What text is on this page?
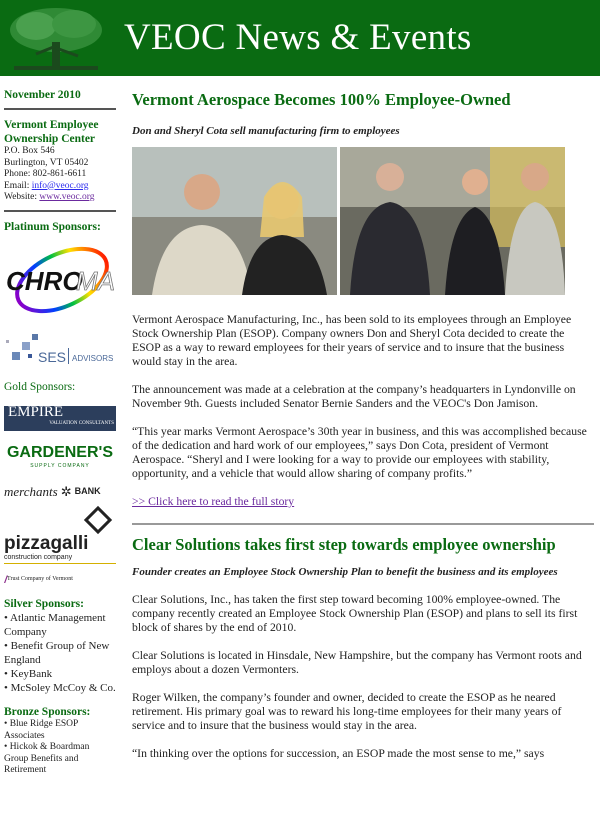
VEOC News & Events
November 2010
Vermont Employee Ownership Center
P.O. Box 546
Burlington, VT 05402
Phone: 802-861-6611
Email: info@veoc.org
Website: www.veoc.org
Platinum Sponsors:
CHRO
MA
SES ADVISORS
Gold Sponsors:
EMPIRE
VALUATION CONSULTANTS
GARDENER'S
SUPPLY COMPANY
merchants ✲ BANK
pizzagalli
construction company
/// Trust Company of Vermont
Silver Sponsors:
• Atlantic Management Company
• Benefit Group of New England
• KeyBank
• McSoley McCoy & Co.
Bronze Sponsors:
• Blue Ridge ESOP Associates
• Hickok & Boardman Group Benefits and Retirement
Vermont Aerospace Becomes 100% Employee-Owned
Don and Sheryl Cota sell manufacturing firm to employees

Vermont Aerospace Manufacturing, Inc., has been sold to its employees through an Employee Stock Ownership Plan (ESOP). Company owners Don and Sheryl Cota decided to create the ESOP as a way to reward employees for their years of service and to insure that the business would stay in the area.

The announcement was made at a celebration at the company’s headquarters in Lyndonville on November 9th. Guests included Senator Bernie Sanders and the VEOC's Don Jamison.

“This year marks Vermont Aerospace’s 30th year in business, and this was accomplished because of the dedication and hard work of our employees,” says Don Cota, president of Vermont Aerospace. “Sheryl and I were looking for a way to provide our employees with stability, opportunity, and a vehicle that would allow sharing of company profits.”

>> Click here to read the full story
Clear Solutions takes first step towards employee ownership
Founder creates an Employee Stock Ownership Plan to benefit the business and its employees

Clear Solutions, Inc., has taken the first step toward becoming 100% employee-owned. The company recently created an Employee Stock Ownership Plan (ESOP) and plans to sell its first block of shares by the end of 2010.

Clear Solutions is located in Hinsdale, New Hampshire, but the company has Vermont roots and employs about a dozen Vermonters.

Roger Wilken, the company’s founder and owner, decided to create the ESOP as he neared retirement. His primary goal was to reward his long-time employees for their many years of service and to insure that the business would stay in the area.

“In thinking over the options for succession, an ESOP made the most sense to me,” says
